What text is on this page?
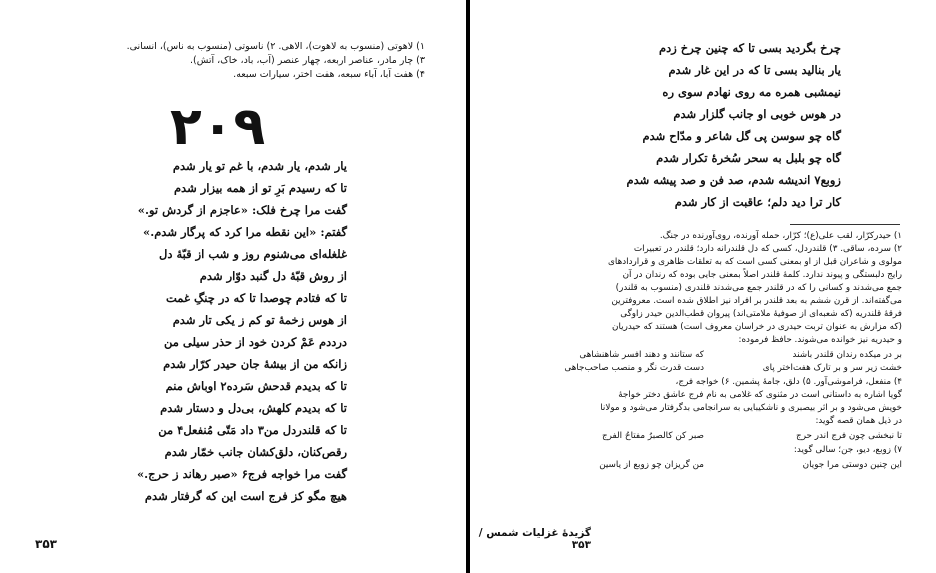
۱) لاهوتی (منسوب به لاهوت)، الاهی. ۲) ناسوتی (منسوب به ناس)، انسانی.
۳) چار مادر، عناصر اربعه، چهار عنصر (آب، باد، خاک، آتش).
۴) هفت آبا، آباء سبعه، هفت اختر، سیارات سبعه.
۲۰۹
یار شدم، یار شدم، با غم تو یار شدم
تا که رسیدم بَرِ تو از همه بیزار شدم
گفت مرا چرخ فلک: «عاجزم از گردش تو.»
گفتم: «این نقطه مرا کرد که پرگار شدم.»
غلغله‌ای می‌شنوم روز و شب از قبّهٔ دل
از روش قبّهٔ دل گنبد دوّار شدم
تا که فتادم چوصدا تا که در چنگِ غمت
از هوس زخمهٔ تو کم ز یکی تار شدم
درددم عَمْ کردن خود از حذر سیلی من
زانکه من از بیشهٔ جان حیدر کرّار شدم
تا که بدیدم قدحش سَرده۲ اوباش منم
تا که بدیدم کلهش، بی‌دل و دستار شدم
تا که قلندردل من۳ داد مَتّی مُنفعل۴ من
رقص‌کنان، دلق‌کشان جانب خمّار شدم
گفت مرا خواجه فرج۶ «صبر رهاند ز حرج.»
هیچ مگو کز فرج است این که گرفتار شدم
۳۵۳
چرخ بگردید بسی تا که چنین چرخ زدم
یار بنالید بسی تا که در این غار شدم
نیمشبی همره مه روی نهادم سوی ره
در هوس خوبی او جانب گلزار شدم
گاه چو سوسن پی گل شاعر و مدّاح شدم
گاه چو بلبل به سحر سُخرهٔ تکرار شدم
زوبع۷ اندیشه شدم، صد فن و صد پیشه شدم
کار ترا دید دلم؛ عاقبت از کار شدم
۱) حیدرکرّار، لقب علی(ع)؛ کرّار، حمله آورنده، روی‌آورنده در جنگ.
۲) سرده، ساقی. ۳) قلندردل، کسی که دل قلندرانه دارد؛ قلندر در تعبیرات
مولوی و شاعران قبل از او بمعنی کسی است که به تعلقات ظاهری و قراردادهای
رایج دلبستگی و پیوند ندارد. کلمهٔ قلندر اصلاً بمعنی جایی بوده که رندان در آن
جمع می‌شدند و کسانی را که در قلندر جمع می‌شدند قلندری (منسوب به قلندر)
می‌گفته‌اند. از قرن ششم به بعد قلندر بر افراد نیز اطلاق شده است. معروفترین
فرقهٔ قلندریه (که شعبه‌ای از صوفیهٔ ملامتی‌اند) پیروان قطب‌الدین حیدر زاوگی
(که مزارش به عنوان تربت حیدری در خراسان معروف است) هستند که حیدریان
و حیدریه نیز خوانده می‌شوند. حافظ فرموده:
بر در میکده رندان قلندر باشند
که ستانند و دهند افسر شاهنشاهی
خشت زیر سر و بر تارک هفت‌اختر پای
دست قدرت نگر و منصب صاحب‌جاهی
۴) منفعل، فراموشی‌آور. ۵) دلق، جامهٔ پشمین. ۶) خواجه فرج،
گویا اشاره به داستانی است در مثنوی که غلامی به نام فرج عاشق دختر خواجهٔ
خویش می‌شود و بر اثر بیصبری و ناشکیبایی به سرانجامی بدگرفتار می‌شود و مولانا
در ذیل همان قصه گوید:
تا نبخشی چون فرج اندر حرج
صبر کن کالصبرُ مفتاحُ الفرج
۷) زوبع، دیو، جن؛ سالی گوید:
این چنین دوستی مرا جویان
من گریزان چو زوبع از یاسین
گزیدهٔ غزلیات شمس / ۳۵۳
